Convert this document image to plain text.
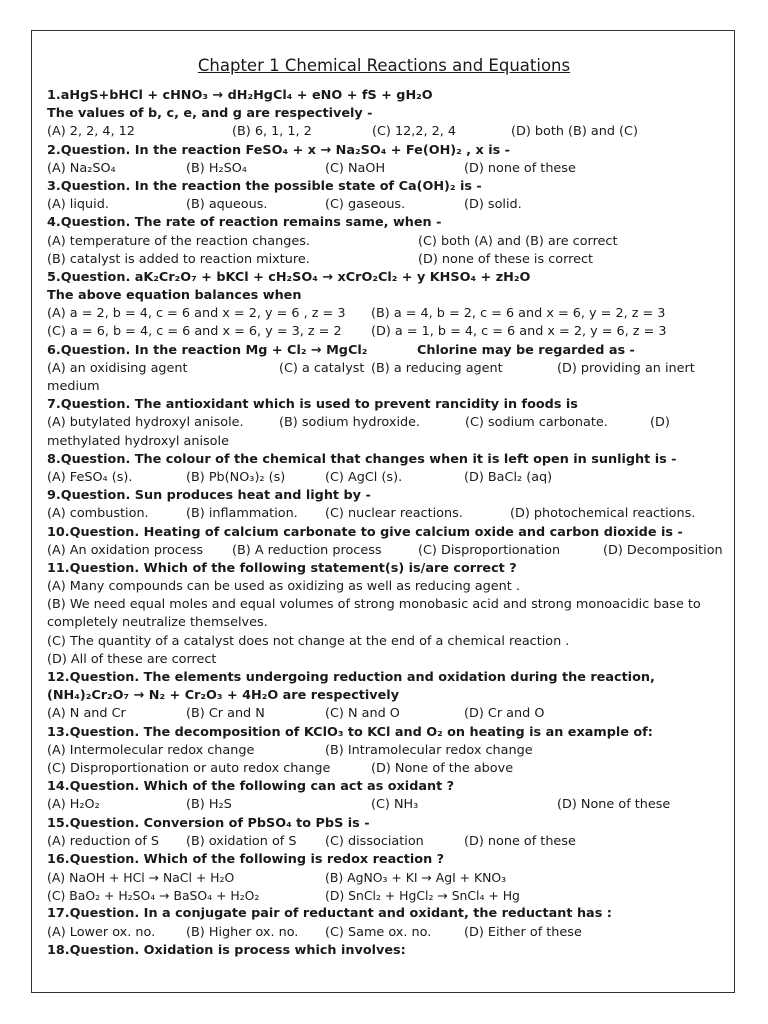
Chapter 1 Chemical Reactions and Equations
1.aHgS+bHCl + cHNO₃ → dH₂HgCl₄ + eNO + fS + gH₂O
The values of b, c, e, and g are respectively -
(A) 2, 2, 4, 12	(B) 6, 1, 1, 2	(C) 12,2, 2, 4	(D) both (B) and (C)
2.Question. In the reaction FeSO₄ + x → Na₂SO₄ + Fe(OH)₂ , x is -
(A) Na₂SO₄	(B) H₂SO₄	(C) NaOH	(D) none of these
3.Question. In the reaction the possible state of Ca(OH)₂ is -
(A) liquid.	(B) aqueous.	(C) gaseous.	(D) solid.
4.Question. The rate of reaction remains same, when -
(A) temperature of the reaction changes.	(C) both (A) and (B) are correct
(B) catalyst is added to reaction mixture.	(D) none of these is correct
5.Question. aK₂Cr₂O₇ + bKCl + cH₂SO₄ → xCrO₂Cl₂ + y KHSO₄ + zH₂O
The above equation balances when
(A) a = 2, b = 4, c = 6 and x = 2, y = 6 , z = 3	(B) a = 4, b = 2, c = 6 and x = 6, y = 2, z = 3
(C) a = 6, b = 4, c = 6 and x = 6, y = 3, z = 2	(D) a = 1, b = 4, c = 6 and x = 2, y = 6, z = 3
6.Question. In the reaction Mg + Cl₂ → MgCl₂	Chlorine may be regarded as -
(A) an oxidising agent	(C) a catalyst (B) a reducing agent	(D) providing an inert
medium
7.Question. The antioxidant which is used to prevent rancidity in foods is
(A) butylated hydroxyl anisole.	(B) sodium hydroxide.	(C) sodium carbonate.	(D)
methylated hydroxyl anisole
8.Question. The colour of the chemical that changes when it is left open in sunlight is -
(A) FeSO₄ (s).	(B) Pb(NO₃)₂ (s)	(C) AgCl (s).	(D) BaCl₂ (aq)
9.Question. Sun produces heat and light by -
(A) combustion.	(B) inflammation.	(C) nuclear reactions.	(D) photochemical reactions.
10.Question. Heating of calcium carbonate to give calcium oxide and carbon dioxide is -
(A) An oxidation process	(B) A reduction process	(C) Disproportionation	(D) Decomposition
11.Question. Which of the following statement(s) is/are correct ?
(A) Many compounds can be used as oxidizing as well as reducing agent .
(B) We need equal moles and equal volumes of strong monobasic acid and strong monoacidic base to completely neutralize themselves.
(C) The quantity of a catalyst does not change at the end of a chemical reaction .
(D) All of these are correct
12.Question. The elements undergoing reduction and oxidation during the reaction,
(NH₄)₂Cr₂O₇ → N₂ + Cr₂O₃ + 4H₂O are respectively
(A) N and Cr	(B) Cr and N	(C) N and O	(D) Cr and O
13.Question. The decomposition of KClO₃ to KCl and O₂ on heating is an example of:
(A) Intermolecular redox change	(B) Intramolecular redox change
(C) Disproportionation or auto redox change	(D) None of the above
14.Question. Which of the following can act as oxidant ?
(A) H₂O₂	(B) H₂S	(C) NH₃	(D) None of these
15.Question. Conversion of PbSO₄ to PbS is -
(A) reduction of S	(B) oxidation of S	(C) dissociation	(D) none of these
16.Question. Which of the following is redox reaction ?
(A) NaOH + HCl → NaCl + H₂O	(B) AgNO₃ + KI → AgI + KNO₃
(C) BaO₂ + H₂SO₄ → BaSO₄ + H₂O₂	(D) SnCl₂ + HgCl₂ → SnCl₄ + Hg
17.Question. In a conjugate pair of reductant and oxidant, the reductant has :
(A) Lower ox. no.	(B) Higher ox. no.	(C) Same ox. no.	(D) Either of these
18.Question. Oxidation is process which involves:
